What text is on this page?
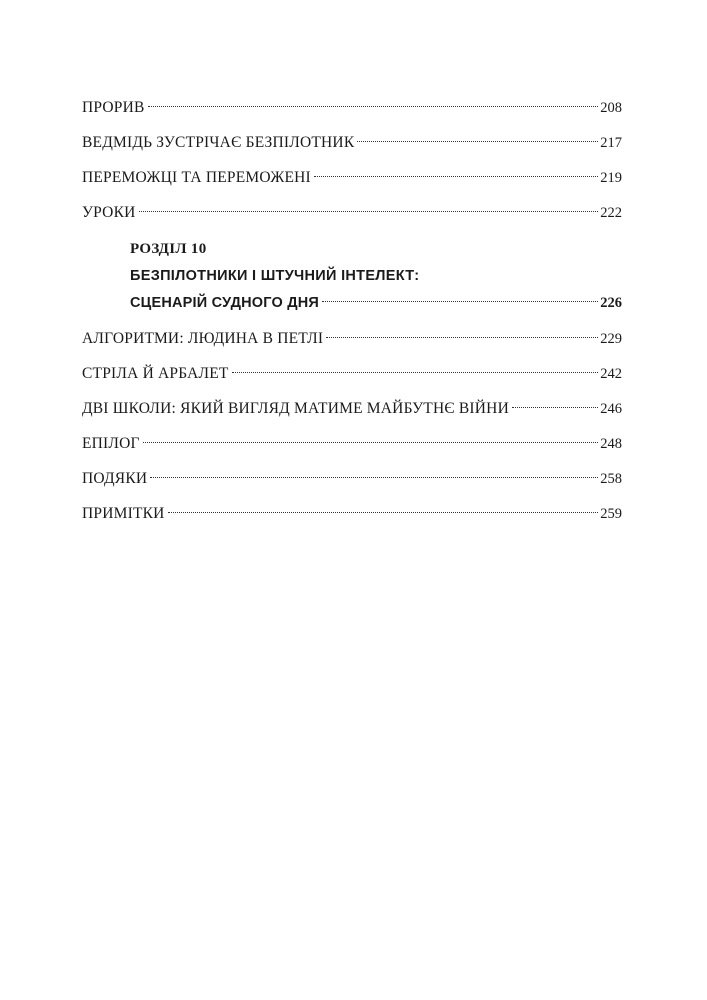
ПРОРИВ	208
ВЕДМІДЬ ЗУСТРІЧАЄ БЕЗПІЛОТНИК	217
ПЕРЕМОЖЦІ ТА ПЕРЕМОЖЕНІ	219
УРОКИ	222
РОЗДІЛ 10
БЕЗПІЛОТНИКИ І ШТУЧНИЙ ІНТЕЛЕКТ:
СЦЕНАРІЙ СУДНОГО ДНЯ	226
АЛГОРИТМИ: ЛЮДИНА В ПЕТЛІ	229
СТРІЛА Й АРБАЛЕТ	242
ДВІ ШКОЛИ: ЯКИЙ ВИГЛЯД МАТИМЕ МАЙБУТНЄ ВІЙНИ	246
ЕПІЛОГ	248
ПОДЯКИ	258
ПРИМІТКИ	259
